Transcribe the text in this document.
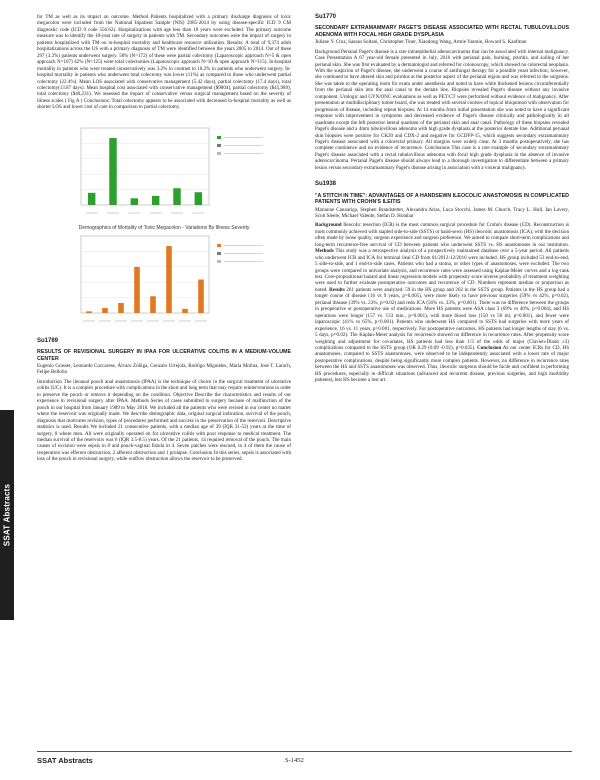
SSAT Abstracts

for TM as well as its impact on outcome. Method Patients hospitalized with a primary discharge diagnosis of toxic megacolon were included from the National Inpatient Sample (NIS) 2005-2014 by using disease-specific ICD 9 CM diagnostic code (ICD 9 code 556.62). Hospitalizations with age less than 18 years were excluded. The primary outcome measure was to identify the 10-year rate of surgery in patients with TM. Secondary outcomes were the impact of surgery in patients hospitalized with TM on in-hospital mortality and healthcare resource utilization. Results: A total of 9,374 adult hospitalizations across the US with a primary diagnosis of TM were identified between the years 2005 to 2014. Out of these 297 (3.2%) patients underwent surgery. 58% (N=172) of these were partial colectomy (Laparoscopic approach N=5 & open approach N=167) 42% (N=125) were total colectomies (Laparoscopic approach N=10 & open approach N=115). In-hospital mortality in patients who were treated conservatively was 3.2% in contrast to 18.2% in patients who underwent surgery. In-hospital mortality in patients who underwent total colectomy was lower (11%) as compared to those who underwent partial colectomy (22.4%). Mean LOS associated with conservative management (5.42 days), partial colectomy (17.4 days), total colectomy(13.87 days). Mean hospital cost associated with conservative management ($9804), partial colectomy ($45,989), total colectomy ($40,231). We assessed the impact of conservative versus surgical management based on the severity of illness scales ( Fig A ) Conclusions: Total colectomy appears to be associated with decreased in-hospital mortality as well as shorter LOS and lower cost of care in comparison to partial colectomy.

Demographics of Mortality of Toxic Megacolon - Variations By Illness Severity
Su1769
RESULTS OF REVISIONAL SURGERY IN IPAA FOR ULCERATIVE COLITIS IN A MEDIUM-VOLUME CENTER
Eugenio Grasset, Leonardo Cuccarese, Álvaro Zúñiga, Gonzalo Urrejola, Rodrigo Miguieles, María Molina, Jose T. Larach, Felipe Bellolio

Introduction The ileoanal pouch anal anastomosis (IPAA) is the technique of choice in the surgical treatment of ulcerative colitis (UC). It is a complex procedure with complications in the short and long term that may require reinterventions in order to preserve the pouch or remove it depending on the condition. Objective Describe the characteristics and results of our experience in revisional surgery after IPAA. Methods Series of cases submitted to surgery because of malfunction of the pouch in our hospital from January 1989 to May 2018. We included all the patients who were revised in our center no matter where the reservoir was originally made. We describe demographic data, original surgical indication, survival of the pouch, diagnosis that motivates revision, types of procedures performed and success in the preservation of the reservoir. Descriptive statistics is used. Results We included 21 consecutive patients, with a median age of 39 (IQR 31-52) years at the time of surgery, 8 where men. All were originally operated on for ulcerative colitis with poor response to medical treatment. The median survival of the reservoirs was 6 (IQR 3.5-8.5) years. Of the 21 patients, 14 required removal of the pouch. The main causes of excision were sepsis in 8 and pouch-vaginal fistula in 4. Seven patches were rescued, in 4 of them the cause of reoperation was efferent obstruction, 2 afferent obstruction and 1 prolapse. Conclusion In this series, sepsis is associated with loss of the pouch in revisional surgery, while outflow obstruction allows the reservoir to be preserved.

Su1770
SECONDARY EXTRAMAMMARY PAGET'S DISEASE ASSOCIATED WITH RECTAL TUBULOVILLOUS ADENOMA WITH FOCAL HIGH GRADE DYSPLASIA
Juliane Y. Cruz, Sassan Soltani, Christopher Tiner, Xiaodong Wang, Armie Yasmin, Howard S. Kaufman

Background Perianal Paget's disease is a rare intraepithelial adenocarcinoma that can be associated with internal malignancy. Case Presentation A 67 year-old female presented in July, 2016 with perianal pain, burning, pruritis, and soiling of her perianal skin. She was first evaluated by a dermatologist and referred for colonoscopy, which showed no colorectal neoplasia. With the suspicion of Paget's disease, she underwent a course of antifungal therapy for a possible yeast infection; however, she continued to have altered skin and pruritus at the posterior aspect of the perianal region and was referred to the surgeons. She was taken to the operating room for exam under anesthesia and noted to have white thickened lesions circumferentially from the perianal skin into the anal canal to the dentate line. Biopsies revealed Paget's disease without any invasive component. Urologic and GYN/ONC evaluations as well as PET/CT were performed without evidence of malignancy. After presentation at multidisciplinary tumor board, she was treated with several courses of topical imiquimod with observation for progression of disease, including repeat biopsies. At 14 months from initial presentation she was noted to have a significant response with improvement in symptoms and decreased evidence of Paget's disease clinically and pathologically in all quadrants except the left posterior lateral quadrant of the perianal skin and anal canal. Pathology of these biopsies revealed Paget's disease and a 4mm tubulovillous adenoma with high grade dysplasia at the posterior dentate line. Additional perianal skin biopsies were positive for CK20 and CDX-2 and negative for GCDFP-15, which suggests secondary extramammary Paget's disease associated with a colorectal primary. All margins were widely clear. At 3 months postoperatively, she has complete continence and no evidence of recurrence. Conclusions This case is a rare example of secondary extramammary Paget's disease associated with a rectal tubulovillous adenoma with focal high grade dysplasia in the absence of invasive adenocarcinoma. Perianal Paget's disease should always lead to a thorough investigation to differentiate between a primary lesion versus secondary extramammary Paget's disease arising in association with a visceral malignancy.

Su1938
"A STITCH IN TIME": ADVANTAGES OF A HANDSEWN ILEOCOLIC ANASTOMOSIS IN COMPLICATED PATIENTS WITH CROHN'S ILEITIS
Marianne Cannariga, Stephen Brandstetter, Alexandra Arias, Luca Stocchi, James M. Church, Tracy L. Hull, Ian Lavery, Scott Steele, Michael Valente, Stefan D. Holubar

Background Ileocolic resection (ICR) is the most common surgical procedure for Crohn's disease (CD). Reconstruction is most commonly achieved with stapled side-to-side (SSTS) or hand-sewn (HS) ileocolic anastomosis (ICA), with the decision often made by loose quality, surgeon experience and surgeon preference. We aimed to compare short-term complications and long-term recurrence-free survival of CD between patients who underwent SSTS vs. HS anastomoses in our institution. Methods This study was a retrospective analysis of a prospectively maintained database over a 5-year period. All patients who underwent ICR and ICA for terminal ileal CD from 01/2012-12/2016 were included. HS group included 53 end-to-end, 5 side-to-side, and 1 end-to-side cases. Patients who had a stoma, or other types of anastomoses, were excluded. The two groups were compared in univariate analysis, and recurrence rates were assessed using Kaplan-Meier curves and a log-rank test. Core-propositional hazard and linear regression models with propensity score inverse probability of treatment weighting were used to further evaluate postoperative outcomes and recurrence of CD. Numbers represent median or proportion as noted. Results 261 patients were analyzed: 59 in the HS group and 202 in the SSTS group. Patients in the HS group had a longer course of disease (16 vs 9 years, p=0.005), were more likely to have previous surgeries (59% vs 42%, p=0.02), perianal disease (39% vs. 23%, p=0.02) and redo ICA (56% vs. 33%, p=0.001). There was no difference between the groups in preoperative or postoperative use of medications. More HS patients were ASA class 3 (69% vs 40%, p=0.004), and HS operations were longer (157 vs. 133 min., p=0.001), with more blood loss (150 vs 50 ml, p=0.001), and fewer were laparoscopic (41% vs 65%, p<0.001). Patients who underwent HS compared to SSTS had surgeries with more years of experience, 16 vs. 11 years, p=0.001, respectively. For postoperative outcomes, HS patients had longer lengths of stay (6 vs. 5 days, p=0.02). The Kaplan-Meier analysis for recurrence showed no difference in recurrence rates. After propensity score weighting and adjustment for covariates, HS patients had less than 1/3 of the odds of major (Clavien-Dindo ≥3) complications compared to the SSTS group (OR 0.29 (0.09 -0.92), p=0.035). Conclusion As our center ICRs for CD, HS anastomoses, compared to SSTS anastomoses, were observed to be independently associated with a lower rate of major postoperative complications, despite being significantly more complex patients. However, no difference in recurrence rates between the HS and SSTS anastomoses was observed. Thus, ileocolic surgeons should be facile and confident in performing HS procedures, especially in difficult situations (advanced and recurrent disease, previous surgeries, and high morbidity patients), lest HS become a lost art.

SSAT Abstracts	S-1452
